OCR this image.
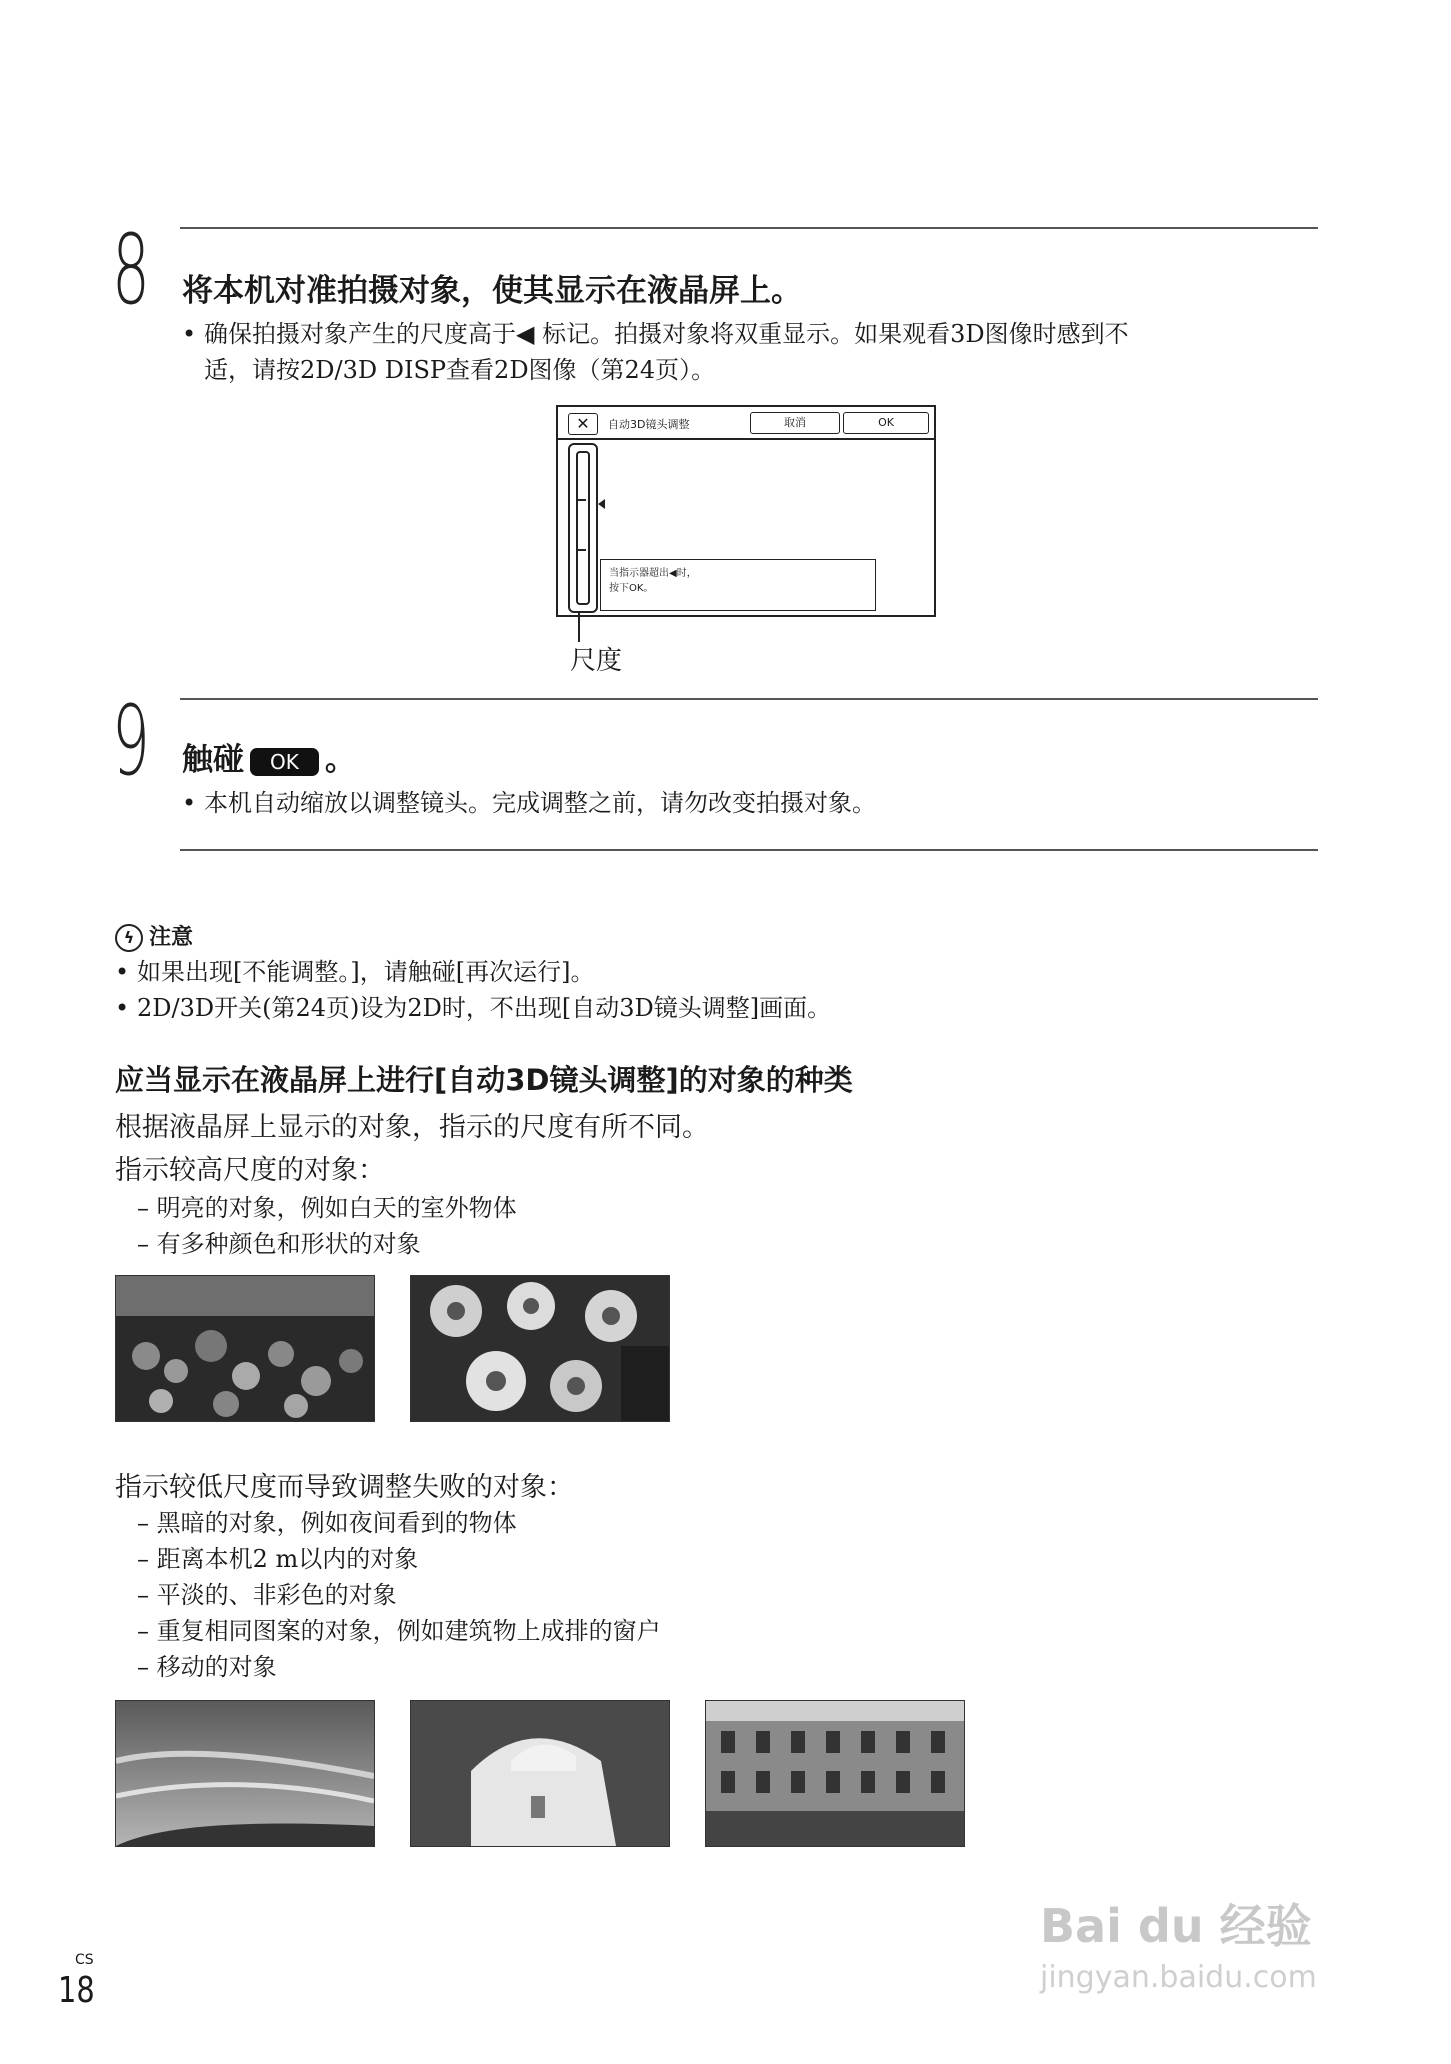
8 将本机对准拍摄对象，使其显示在液晶屏上。
• 确保拍摄对象产生的尺度高于◀ 标记。拍摄对象将双重显示。如果观看3D图像时感到不
适，请按2D/3D DISP查看2D图像（第24页）。
✕	自动3D镜头调整	取消	OK
当指示器超出◀时，
按下OK。
尺度
9 触碰 OK 。
• 本机自动缩放以调整镜头。完成调整之前，请勿改变拍摄对象。
ϟ 注意
• 如果出现[不能调整。]，请触碰[再次运行]。
• 2D/3D开关(第24页)设为2D时，不出现[自动3D镜头调整]画面。
应当显示在液晶屏上进行[自动3D镜头调整]的对象的种类
根据液晶屏上显示的对象，指示的尺度有所不同。
指示较高尺度的对象：
– 明亮的对象，例如白天的室外物体
– 有多种颜色和形状的对象
指示较低尺度而导致调整失败的对象：
– 黑暗的对象，例如夜间看到的物体
– 距离本机2 m以内的对象
– 平淡的、非彩色的对象
– 重复相同图案的对象，例如建筑物上成排的窗户
– 移动的对象
CS
18
Bai du 经验
jingyan.baidu.com
